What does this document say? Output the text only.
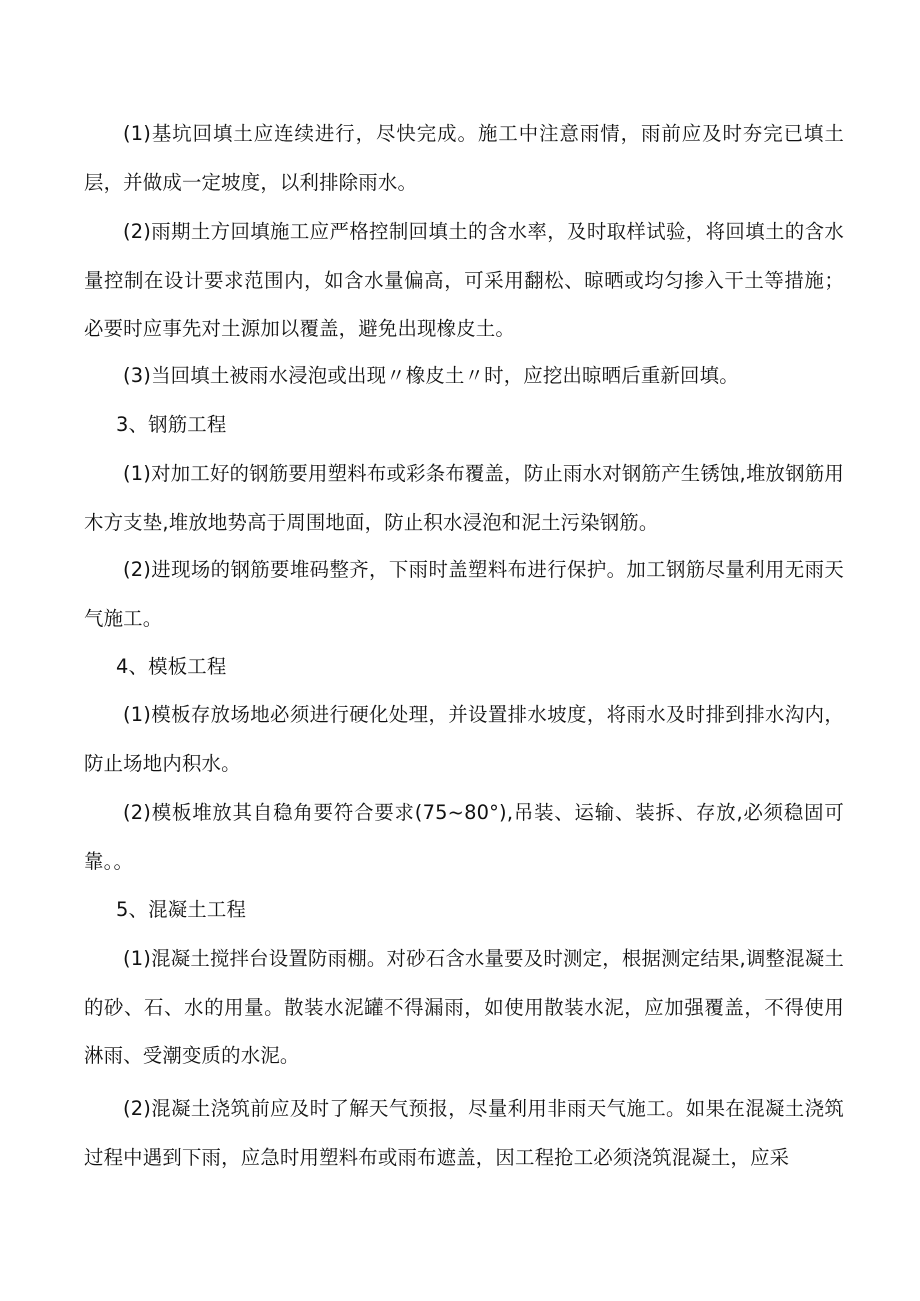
(1)基坑回填土应连续进行，尽快完成。施工中注意雨情，雨前应及时夯完已填土层，并做成一定坡度，以利排除雨水。

(2)雨期土方回填施工应严格控制回填土的含水率，及时取样试验，将回填土的含水量控制在设计要求范围内，如含水量偏高，可采用翻松、晾晒或均匀掺入干土等措施；必要时应事先对土源加以覆盖，避免出现橡皮土。

(3)当回填土被雨水浸泡或出现〃橡皮土〃时，应挖出晾晒后重新回填。

3、钢筋工程

(1)对加工好的钢筋要用塑料布或彩条布覆盖，防止雨水对钢筋产生锈蚀,堆放钢筋用木方支垫,堆放地势高于周围地面，防止积水浸泡和泥土污染钢筋。

(2)进现场的钢筋要堆码整齐，下雨时盖塑料布进行保护。加工钢筋尽量利用无雨天气施工。

4、模板工程

(1)模板存放场地必须进行硬化处理，并设置排水坡度，将雨水及时排到排水沟内，防止场地内积水。

(2)模板堆放其自稳角要符合要求(75~80°),吊装、运输、装拆、存放,必须稳固可靠。。

5、混凝土工程

(1)混凝土搅拌台设置防雨棚。对砂石含水量要及时测定，根据测定结果,调整混凝土的砂、石、水的用量。散装水泥罐不得漏雨，如使用散装水泥，应加强覆盖，不得使用淋雨、受潮变质的水泥。

(2)混凝土浇筑前应及时了解天气预报，尽量利用非雨天气施工。如果在混凝土浇筑过程中遇到下雨，应急时用塑料布或雨布遮盖，因工程抢工必须浇筑混凝土，应采
